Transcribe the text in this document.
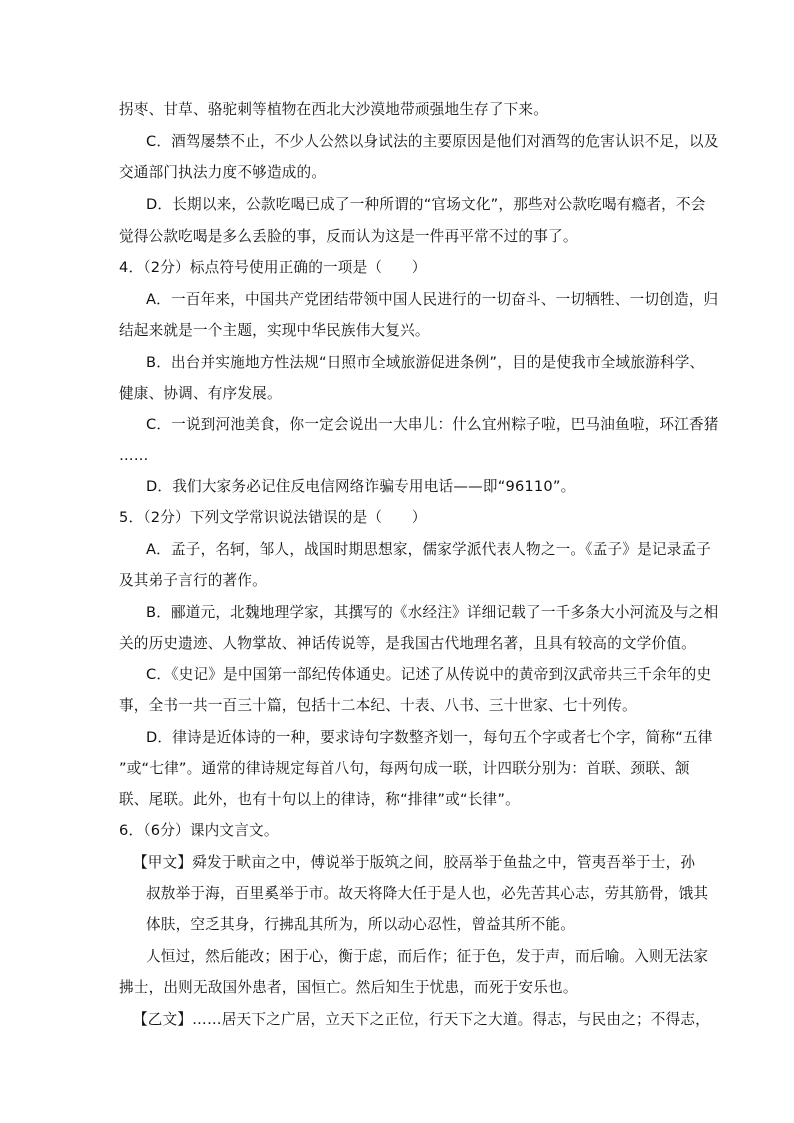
拐枣、甘草、骆驼刺等植物在西北大沙漠地带顽强地生存了下来。
C．酒驾屡禁不止，不少人公然以身试法的主要原因是他们对酒驾的危害认识不足，以及
交通部门执法力度不够造成的。
D．长期以来，公款吃喝已成了一种所谓的“官场文化”，那些对公款吃喝有瘾者，不会
觉得公款吃喝是多么丢脸的事，反而认为这是一件再平常不过的事了。
4．（2分）标点符号使用正确的一项是（　　）
A．一百年来，中国共产党团结带领中国人民进行的一切奋斗、一切牺牲、一切创造，归
结起来就是一个主题，实现中华民族伟大复兴。
B．出台并实施地方性法规“日照市全域旅游促进条例”，目的是使我市全域旅游科学、
健康、协调、有序发展。
C．一说到河池美食，你一定会说出一大串儿：什么宜州粽子啦，巴马油鱼啦，环江香猪
……
D．我们大家务必记住反电信网络诈骗专用电话——即“96110”。
5．（2分）下列文学常识说法错误的是（　　）
A．孟子，名轲，邹人，战国时期思想家，儒家学派代表人物之一。《孟子》是记录孟子
及其弟子言行的著作。
B．郦道元，北魏地理学家，其撰写的《水经注》详细记载了一千多条大小河流及与之相
关的历史遗迹、人物掌故、神话传说等，是我国古代地理名著，且具有较高的文学价值。
C．《史记》是中国第一部纪传体通史。记述了从传说中的黄帝到汉武帝共三千余年的史
事，全书一共一百三十篇，包括十二本纪、十表、八书、三十世家、七十列传。
D．律诗是近体诗的一种，要求诗句字数整齐划一，每句五个字或者七个字，简称“五律
”或“七律”。通常的律诗规定每首八句，每两句成一联，计四联分别为：首联、颈联、颔
联、尾联。此外，也有十句以上的律诗，称“排律”或“长律”。
6．（6分）课内文言文。
【甲文】舜发于畎亩之中，傅说举于版筑之间，胶鬲举于鱼盐之中，管夷吾举于士，孙
叔敖举于海，百里奚举于市。故天将降大任于是人也，必先苦其心志，劳其筋骨，饿其
体肤，空乏其身，行拂乱其所为，所以动心忍性，曾益其所不能。
人恒过，然后能改；困于心，衡于虑，而后作；征于色，发于声，而后喻。入则无法家
拂士，出则无敌国外患者，国恒亡。然后知生于忧患，而死于安乐也。
【乙文】……居天下之广居，立天下之正位，行天下之大道。得志，与民由之；不得志，
